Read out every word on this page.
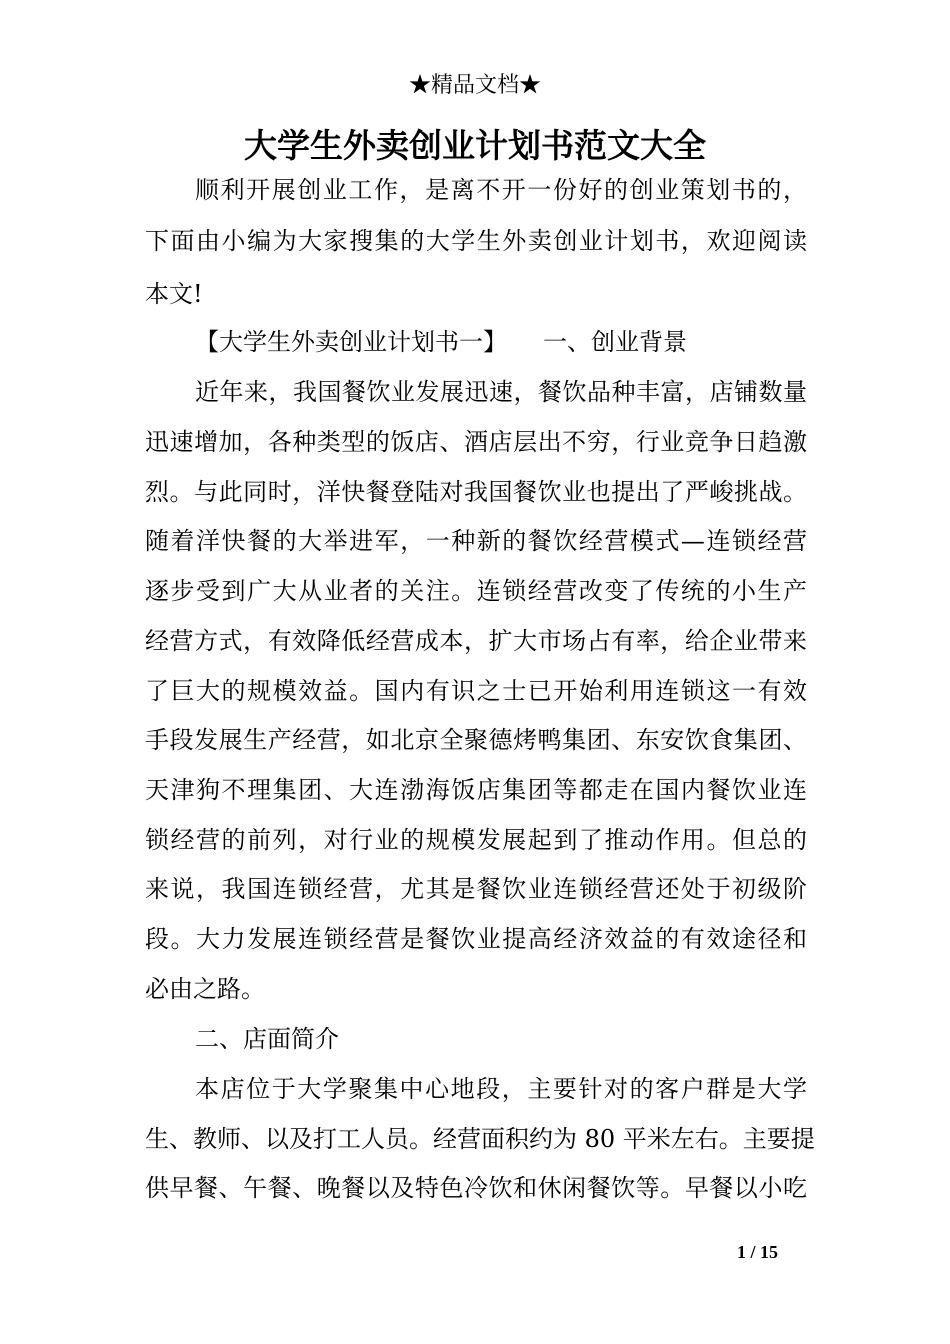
★精品文档★
大学生外卖创业计划书范文大全
顺利开展创业工作，是离不开一份好的创业策划书的，
下面由小编为大家搜集的大学生外卖创业计划书，欢迎阅读
本文!
【大学生外卖创业计划书一】　　一、创业背景
近年来，我国餐饮业发展迅速，餐饮品种丰富，店铺数量
迅速增加，各种类型的饭店、酒店层出不穷，行业竞争日趋激
烈。与此同时，洋快餐登陆对我国餐饮业也提出了严峻挑战。
随着洋快餐的大举进军，一种新的餐饮经营模式—连锁经营
逐步受到广大从业者的关注。连锁经营改变了传统的小生产
经营方式，有效降低经营成本，扩大市场占有率，给企业带来
了巨大的规模效益。国内有识之士已开始利用连锁这一有效
手段发展生产经营，如北京全聚德烤鸭集团、东安饮食集团、
天津狗不理集团、大连渤海饭店集团等都走在国内餐饮业连
锁经营的前列，对行业的规模发展起到了推动作用。但总的
来说，我国连锁经营，尤其是餐饮业连锁经营还处于初级阶
段。大力发展连锁经营是餐饮业提高经济效益的有效途径和
必由之路。
二、店面简介
本店位于大学聚集中心地段，主要针对的客户群是大学
生、教师、以及打工人员。经营面积约为 80 平米左右。主要提
供早餐、午餐、晚餐以及特色冷饮和休闲餐饮等。早餐以小吃
1 / 15
